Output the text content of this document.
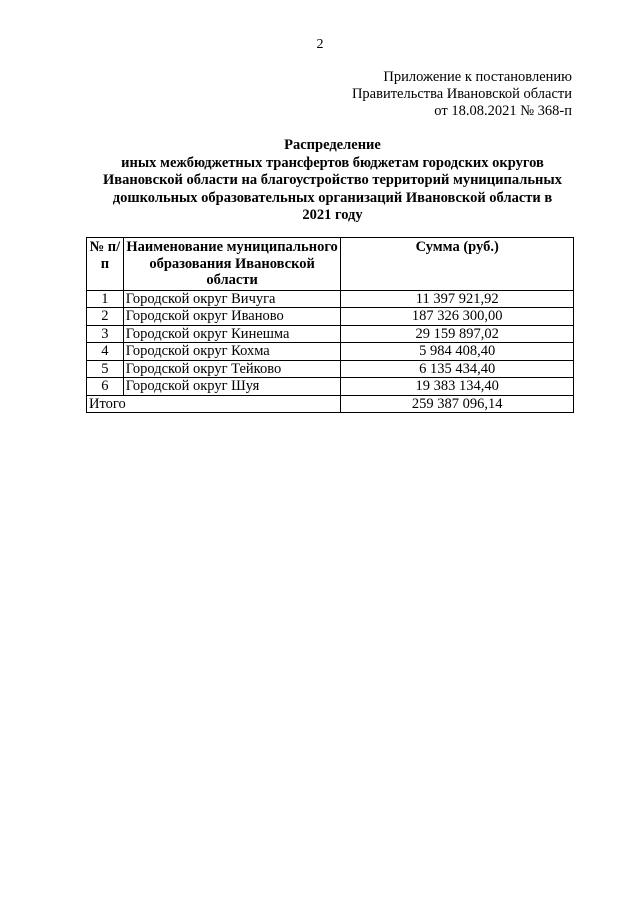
2
Приложение к постановлению
Правительства Ивановской области
от 18.08.2021 № 368-п
Распределение
иных межбюджетных трансфертов бюджетам городских округов
Ивановской области на благоустройство территорий муниципальных
дошкольных образовательных организаций Ивановской области в
2021 году
№ п/п	Наименование муниципального образования Ивановской области	Сумма (руб.)
1	Городской округ Вичуга	11 397 921,92
2	Городской округ Иваново	187 326 300,00
3	Городской округ Кинешма	29 159 897,02
4	Городской округ Кохма	5 984 408,40
5	Городской округ Тейково	6 135 434,40
6	Городской округ Шуя	19 383 134,40
Итого		259 387 096,14
